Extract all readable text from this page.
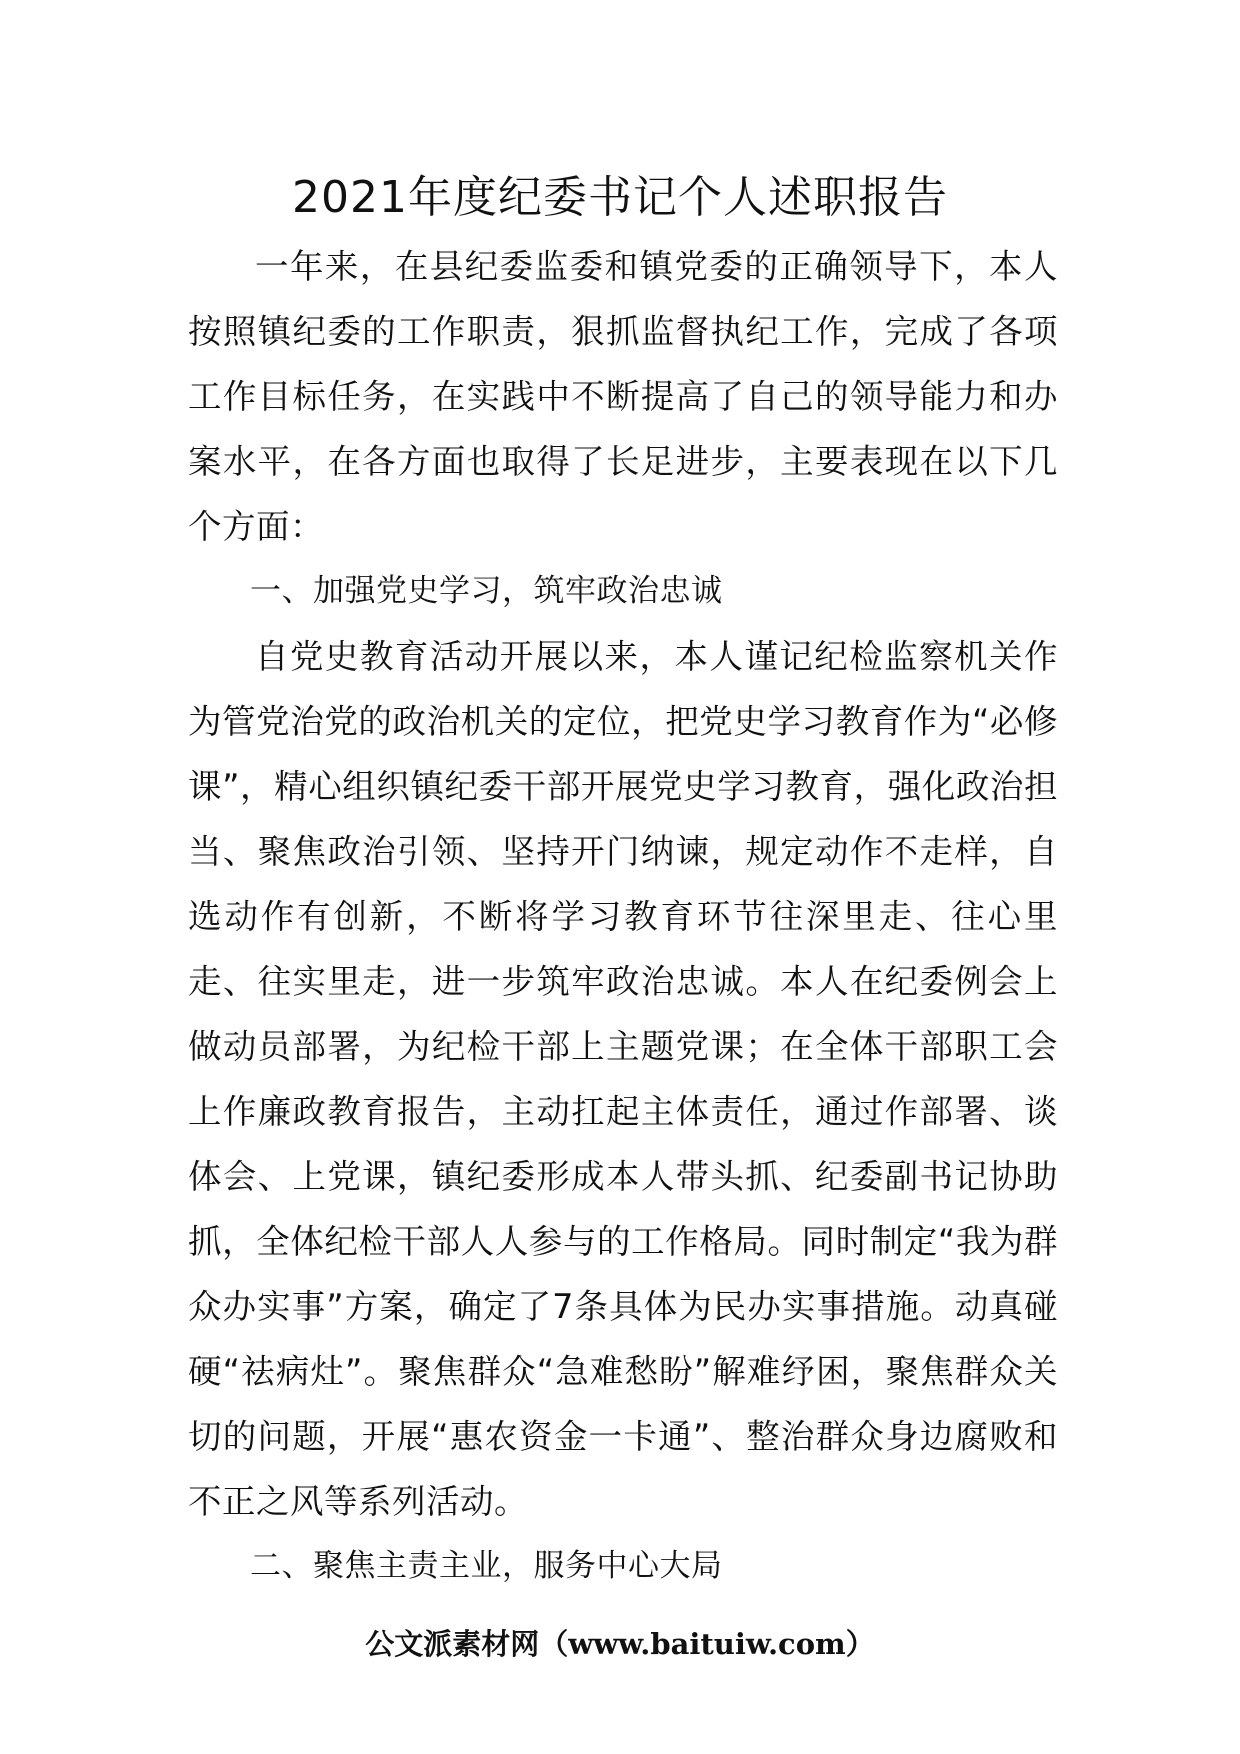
2021年度纪委书记个人述职报告

一年来，在县纪委监委和镇党委的正确领导下，本人按照镇纪委的工作职责，狠抓监督执纪工作，完成了各项工作目标任务，在实践中不断提高了自己的领导能力和办案水平，在各方面也取得了长足进步，主要表现在以下几个方面：

一、加强党史学习，筑牢政治忠诚

自党史教育活动开展以来，本人谨记纪检监察机关作为管党治党的政治机关的定位，把党史学习教育作为“必修课”，精心组织镇纪委干部开展党史学习教育，强化政治担当、聚焦政治引领、坚持开门纳谏，规定动作不走样，自选动作有创新，不断将学习教育环节往深里走、往心里走、往实里走，进一步筑牢政治忠诚。本人在纪委例会上做动员部署，为纪检干部上主题党课；在全体干部职工会上作廉政教育报告，主动扛起主体责任，通过作部署、谈体会、上党课，镇纪委形成本人带头抓、纪委副书记协助抓，全体纪检干部人人参与的工作格局。同时制定“我为群众办实事”方案，确定了7条具体为民办实事措施。动真碰硬“祛病灶”。聚焦群众“急难愁盼”解难纾困，聚焦群众关切的问题，开展“惠农资金一卡通”、整治群众身边腐败和不正之风等系列活动。

二、聚焦主责主业，服务中心大局

公文派素材网（www.baituiw.com）
